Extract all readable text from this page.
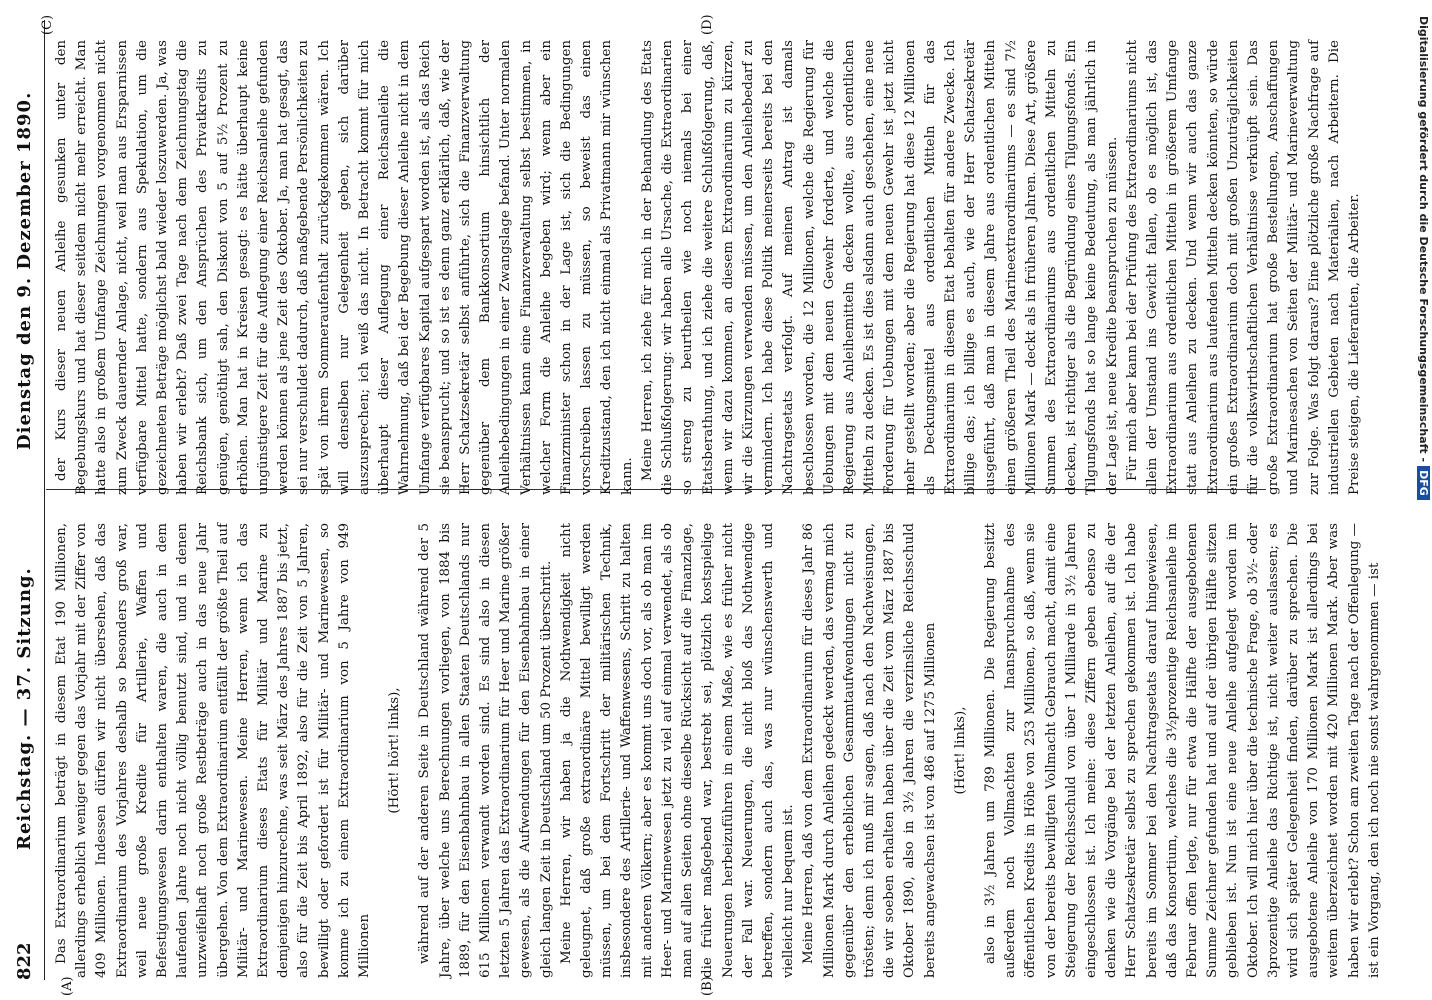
822
Reichstag. — 37. Sitzung.
Dienstag den 9. Dezember 1890.
(A)	(B)
(C)	(D)

Das Extraordinarium beträgt in diesem Etat 190 Millionen, allerdings erheblich weniger gegen das Vorjahr mit der Ziffer von 409 Millionen. Indessen dürfen wir nicht übersehen, daß das Extraordinarium des Vorjahres deshalb so besonders groß war, weil neue große Kredite für Artillerie, Waffen und Befestigungswesen darin enthalten waren, die auch in dem laufenden Jahre noch nicht völlig benutzt sind, und in denen unzweifelhaft noch große Restbeträge auch in das neue Jahr übergehen. Von dem Extraordinarium entfällt der größte Theil auf Militär- und Marinewesen. Meine Herren, wenn ich das Extraordinarium dieses Etats für Militär und Marine zu demjenigen hinzurechne, was seit März des Jahres 1887 bis jetzt, also für die Zeit bis April 1892, also für die Zeit von 5 Jahren, bewilligt oder gefordert ist für Militär- und Marinewesen, so komme ich zu einem Extraordinarium von 5 Jahre von 949 Millionen

(Hört! hört! links), während auf der anderen Seite in Deutschland während der 5 Jahre, über welche uns Berechnungen vorliegen, von 1884 bis 1889, für den Eisenbahnbau in allen Staaten Deutschlands nur 615 Millionen verwandt worden sind. Es sind also in diesen letzten 5 Jahren das Extraordinarium für Heer und Marine größer gewesen, als die Aufwendungen für den Eisenbahnbau in einer gleich langen Zeit in Deutschland um 50 Prozent überschritt. Meine Herren, wir haben ja die Nothwendigkeit nicht geleugnet, daß große extraordinäre Mittel bewilligt werden müssen, um bei dem Fortschritt der militärischen Technik, insbesondere des Artillerie- und Waffenwesens, Schritt zu halten mit anderen Völkern; aber es kommt uns doch vor, als ob man im Heer- und Marinewesen jetzt zu viel auf einmal verwendet, als ob man auf allen Seiten ohne dieselbe Rücksicht auf die Finanzlage, die früher maßgebend war, bestrebt sei, plötzlich kostspielige Neuerungen herbeizuführen in einem Maße, wie es früher nicht der Fall war. Neuerungen, die nicht bloß das Nothwendige betreffen, sondern auch das, was nur wünschenswerth und vielleicht nur bequem ist. Meine Herren, daß von dem Extraordinarium für dieses Jahr 86 Millionen Mark durch Anleihen gedeckt werden, das vermag mich gegenüber den erheblichen Gesammtaufwendungen nicht zu trösten; denn ich muß mir sagen, daß nach den Nachweisungen, die wir soeben erhalten haben über die Zeit vom März 1887 bis Oktober 1890, also in 3½ Jahren die verzinsliche Reichsschuld bereits angewachsen ist von 486 auf 1275 Millionen (Hört! links), also in 3½ Jahren um 789 Millionen. Die Regierung besitzt außerdem noch Vollmachten zur Inanspruchnahme des öffentlichen Kredits in Höhe von 253 Millionen, so daß, wenn sie von der bereits bewilligten Vollmacht Gebrauch macht, damit eine Steigerung der Reichsschuld von über 1 Milliarde in 3½ Jahren eingeschlossen ist. Ich meine: diese Ziffern geben ebenso zu denken wie die Vorgänge bei der letzten Anleihen, auf die der Herr Schatzsekretär selbst zu sprechen gekommen ist. Ich habe bereits im Sommer bei den Nachtragsetats darauf hingewiesen, daß das Konsortium, welches die 3½prozentige Reichsanleihe im Februar offen legte, nur für etwa die Hälfte der ausgebotenen Summe Zeichner gefunden hat und auf der übrigen Hälfte sitzen geblieben ist. Nun ist eine neue Anleihe aufgelegt worden im Oktober. Ich will mich hier über die technische Frage, ob 3½- oder 3prozentige Anleihe das Richtige ist, nicht weiter auslassen; es wird sich später Gelegenheit finden, darüber zu sprechen. Die ausgebotene Anleihe von 170 Millionen Mark ist allerdings bei weitem überzeichnet worden mit 420 Millionen Mark. Aber was haben wir erlebt? Schon am zweiten Tage nach der Offenlegung — ist ein Vorgang, den ich noch nie sonst wahrgenommen — ist

der Kurs dieser neuen Anleihe gesunken unter den Begebungskurs und hat dieser seitdem nicht mehr erreicht. Man hatte also in großem Umfange Zeichnungen vorgenommen nicht zum Zweck dauernder Anlage, nicht, weil man aus Ersparnissen verfügbare Mittel hatte, sondern aus Spekulation, um die gezeichneten Beträge möglichst bald wieder loszuwerden. Ja, was haben wir erlebt? Daß zwei Tage nach dem Zeichnungstag die Reichsbank sich, um den Ansprüchen des Privatkredits zu genügen, genöthigt sah, den Diskont von 5 auf 5½ Prozent zu erhöhen. Man hat in Kreisen gesagt: es hätte überhaupt keine ungünstigere Zeit für die Auflegung einer Reichsanleihe gefunden werden können als jene Zeit des Oktober. Ja, man hat gesagt, das sei nur verschuldet dadurch, daß maßgebende Persönlichkeiten zu spät von ihrem Sommeraufenthalt zurückgekommen wären. Ich will denselben nur Gelegenheit geben, sich darüber auszusprechen; ich weiß das nicht. In Betracht kommt für mich überhaupt dieser Auflegung einer Reichsanleihe die Wahrnehmung, daß bei der Begebung dieser Anleihe nicht in dem Umfange verfügbares Kapital aufgespart worden ist, als das Reich sie beansprucht; und so ist es denn ganz erklärlich, daß, wie der Herr Schatzsekretär selbst anführte, sich die Finanzverwaltung gegenüber dem Bankkonsortium hinsichtlich der Anleihebedingungen in einer Zwangslage befand. Unter normalen Verhältnissen kann eine Finanzverwaltung selbst bestimmen, in welcher Form die Anleihe begeben wird; wenn aber ein Finanzminister schon in der Lage ist, sich die Bedingungen vorschreiben lassen zu müssen, so beweist das einen Kreditzustand, den ich nicht einmal als Privatmann mir wünschen kann. Meine Herren, ich ziehe für mich in der Behandlung des Etats die Schlußfolgerung: wir haben alle Ursache, die Extraordinarien so streng zu beurtheilen wie noch niemals bei einer Etatsberathung, und ich ziehe die weitere Schlußfolgerung, daß, wenn wir dazu kommen, an diesem Extraordinarium zu kürzen, wir die Kürzungen verwenden müssen, um den Anleihebedarf zu vermindern. Ich habe diese Politik meinerseits bereits bei den Nachtragsetats verfolgt. Auf meinen Antrag ist damals beschlossen worden, die 12 Millionen, welche die Regierung für Uebungen mit dem neuen Gewehr forderte, und welche die Regierung aus Anleihemitteln decken wollte, aus ordentlichen Mitteln zu decken. Es ist dies alsdann auch geschehen, eine neue Forderung für Uebungen mit dem neuen Gewehr ist jetzt nicht mehr gestellt worden; aber die Regierung hat diese 12 Millionen als Deckungsmittel aus ordentlichen Mitteln für das Extraordinarium in diesem Etat behalten für andere Zwecke. Ich billige das; ich billige es auch, wie der Herr Schatzsekretär ausgeführt, daß man in diesem Jahre aus ordentlichen Mitteln einen größeren Theil des Marineextraordinariums — es sind 7½ Millionen Mark — deckt als in früheren Jahren. Diese Art, größere Summen des Extraordinariums aus ordentlichen Mitteln zu decken, ist richtiger als die Begründung eines Tilgungsfonds. Ein Tilgungsfonds hat so lange keine Bedeutung, als man jährlich in der Lage ist, neue Kredite beanspruchen zu müssen. Für mich aber kann bei der Prüfung des Extraordinariums nicht allein der Umstand ins Gewicht fallen, ob es möglich ist, das Extraordinarium aus ordentlichen Mitteln in größerem Umfange statt aus Anleihen zu decken. Und wenn wir auch das ganze Extraordinarium aus laufenden Mitteln decken könnten, so würde ein großes Extraordinarium doch mit großen Unzuträglichkeiten für die volkswirthschaftlichen Verhältnisse verknüpft sein. Das große Extraordinarium hat große Bestellungen, Anschaffungen und Marinesachen von Seiten der Militär- und Marineverwaltung zur Folge. Was folgt daraus? Eine plötzliche große Nachfrage auf industriellen Gebieten nach Materialien, nach Arbeitern. Die Preise steigen, die Lieferanten, die Arbeiter.	Digitalisierung gefördert durch die Deutsche Forschungsgemeinschaft -DFG
